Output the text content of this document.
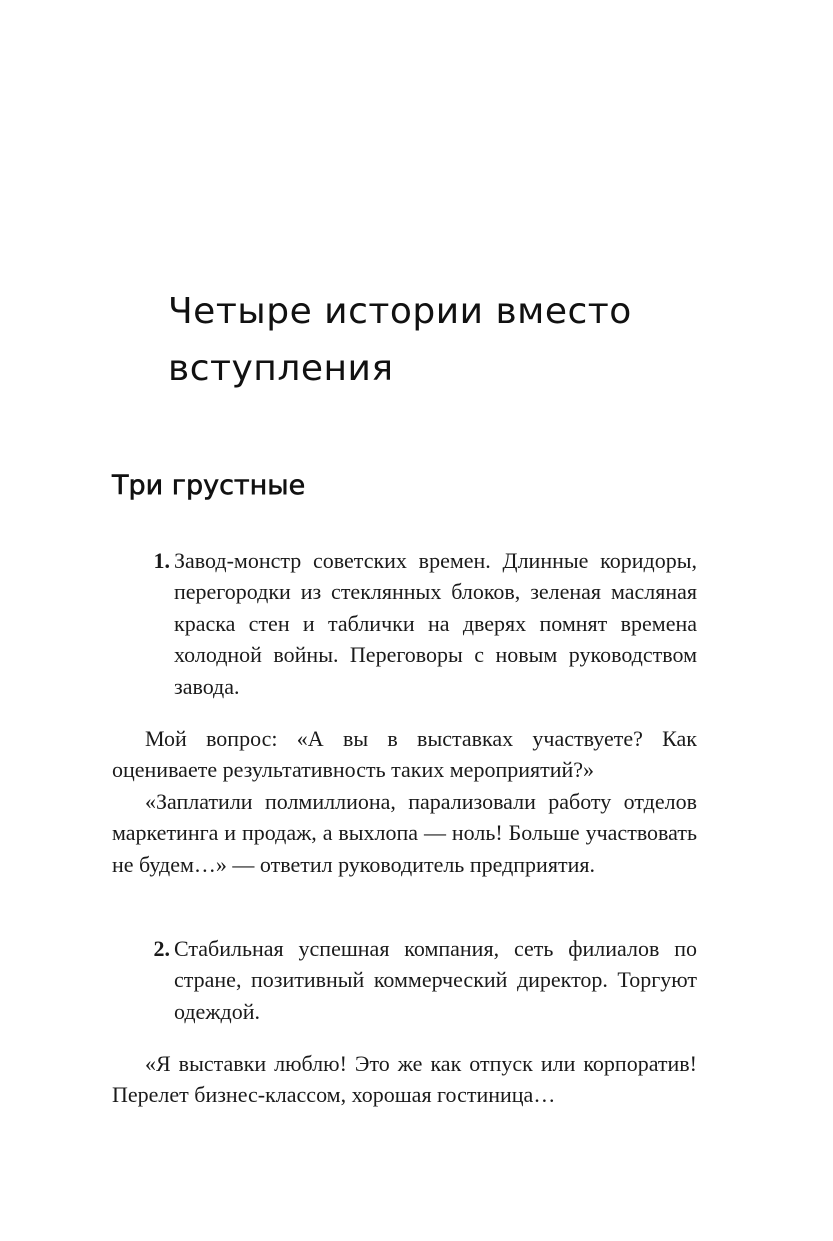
Четыре истории вместо
вступления
Три грустные
1. Завод-монстр советских времен. Длинные коридоры, перегородки из стеклянных блоков, зеленая масляная краска стен и таблички на дверях помнят времена холодной войны. Переговоры с новым руководством завода.

Мой вопрос: «А вы в выставках участвуете? Как оцениваете результативность таких мероприятий?»

«Заплатили полмиллиона, парализовали работу отделов маркетинга и продаж, а выхлопа — ноль! Больше участвовать не будем…» — ответил руководитель предприятия.

2. Стабильная успешная компания, сеть филиалов по стране, позитивный коммерческий директор. Торгуют одеждой.

«Я выставки люблю! Это же как отпуск или корпоратив! Перелет бизнес-классом, хорошая гостиница…
